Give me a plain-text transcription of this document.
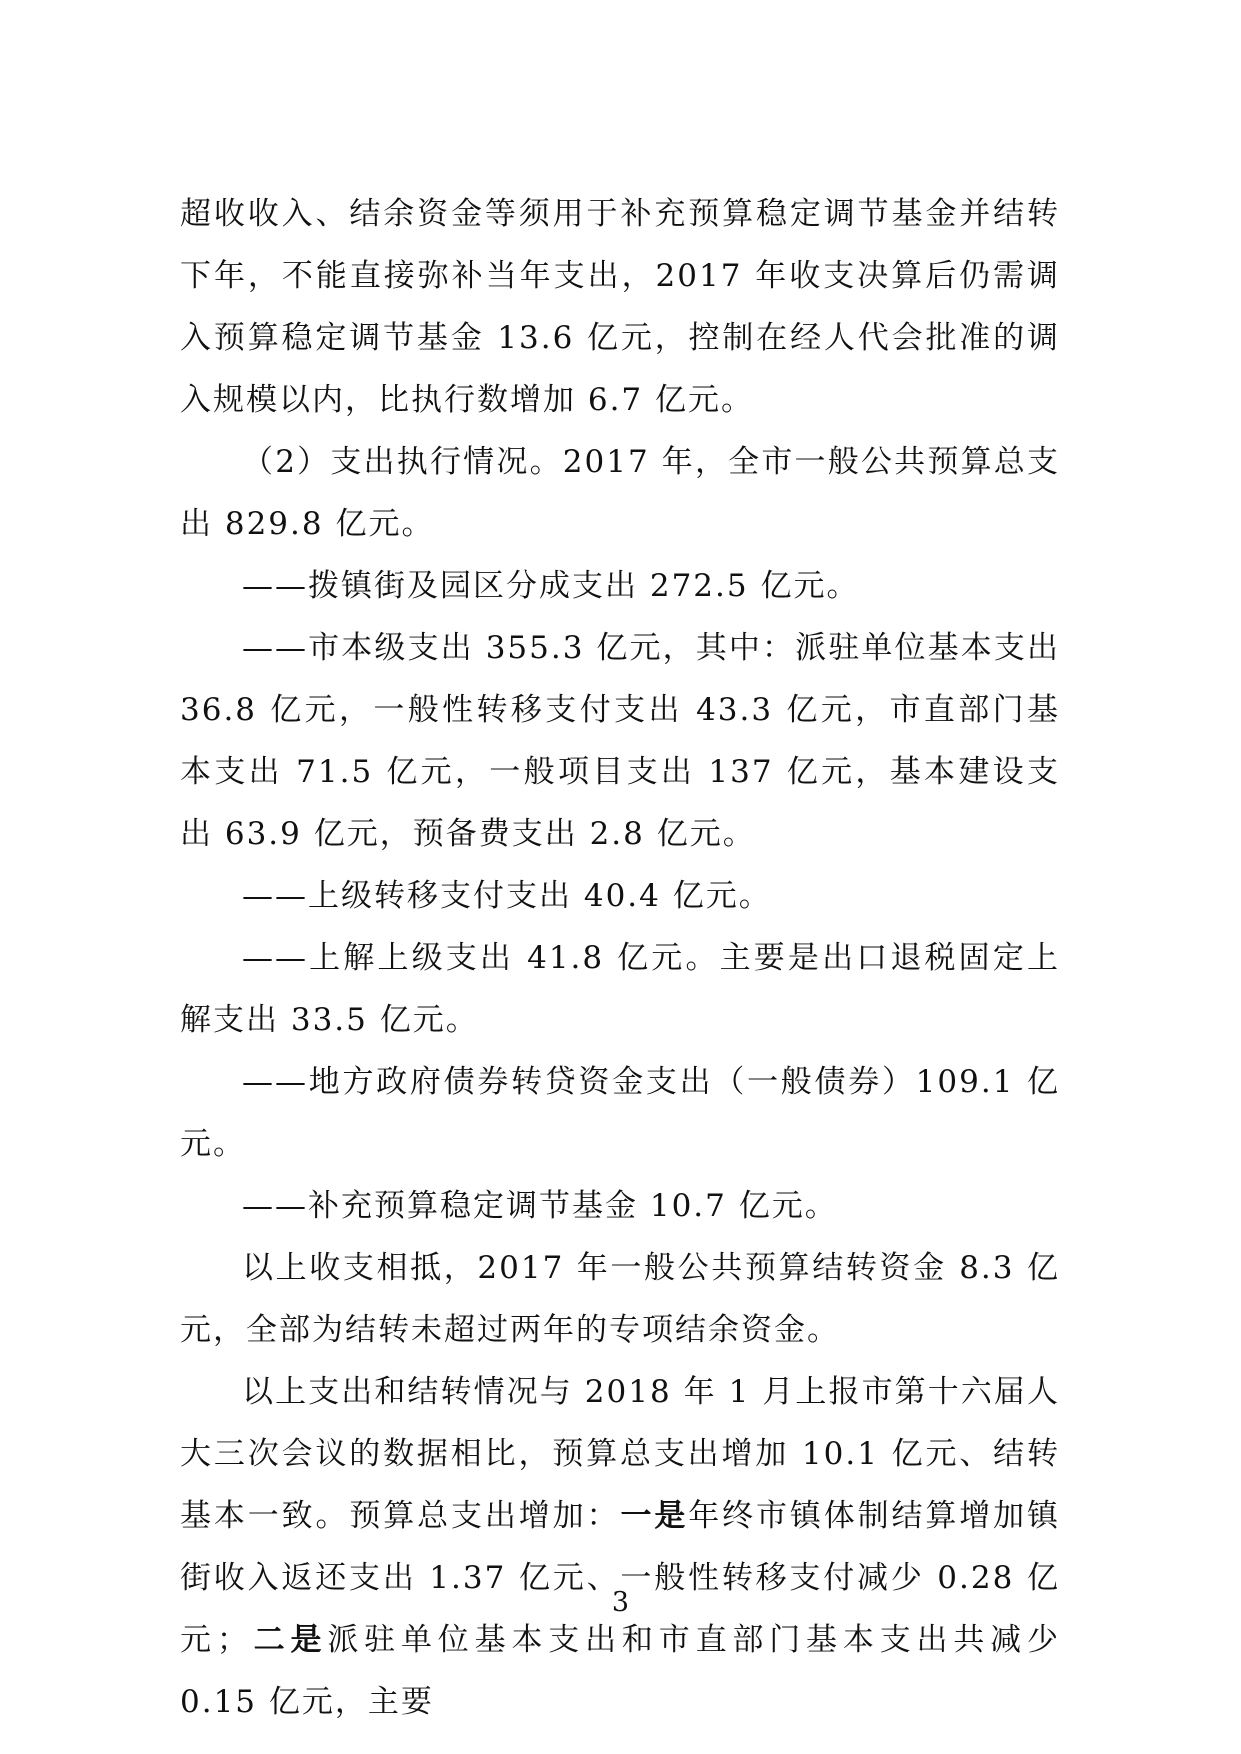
超收收入、结余资金等须用于补充预算稳定调节基金并结转下年，不能直接弥补当年支出，2017 年收支决算后仍需调入预算稳定调节基金 13.6 亿元，控制在经人代会批准的调入规模以内，比执行数增加 6.7 亿元。

（2）支出执行情况。2017 年，全市一般公共预算总支出 829.8 亿元。

——拨镇街及园区分成支出 272.5 亿元。

——市本级支出 355.3 亿元，其中：派驻单位基本支出 36.8 亿元，一般性转移支付支出 43.3 亿元，市直部门基本支出 71.5 亿元，一般项目支出 137 亿元，基本建设支出 63.9 亿元，预备费支出 2.8 亿元。

——上级转移支付支出 40.4 亿元。

——上解上级支出 41.8 亿元。主要是出口退税固定上解支出 33.5 亿元。

——地方政府债券转贷资金支出（一般债券）109.1 亿元。

——补充预算稳定调节基金 10.7 亿元。

以上收支相抵，2017 年一般公共预算结转资金 8.3 亿元，全部为结转未超过两年的专项结余资金。

以上支出和结转情况与 2018 年 1 月上报市第十六届人大三次会议的数据相比，预算总支出增加 10.1 亿元、结转基本一致。预算总支出增加：一是年终市镇体制结算增加镇街收入返还支出 1.37 亿元、一般性转移支付减少 0.28 亿元；二是派驻单位基本支出和市直部门基本支出共减少 0.15 亿元，主要

3
